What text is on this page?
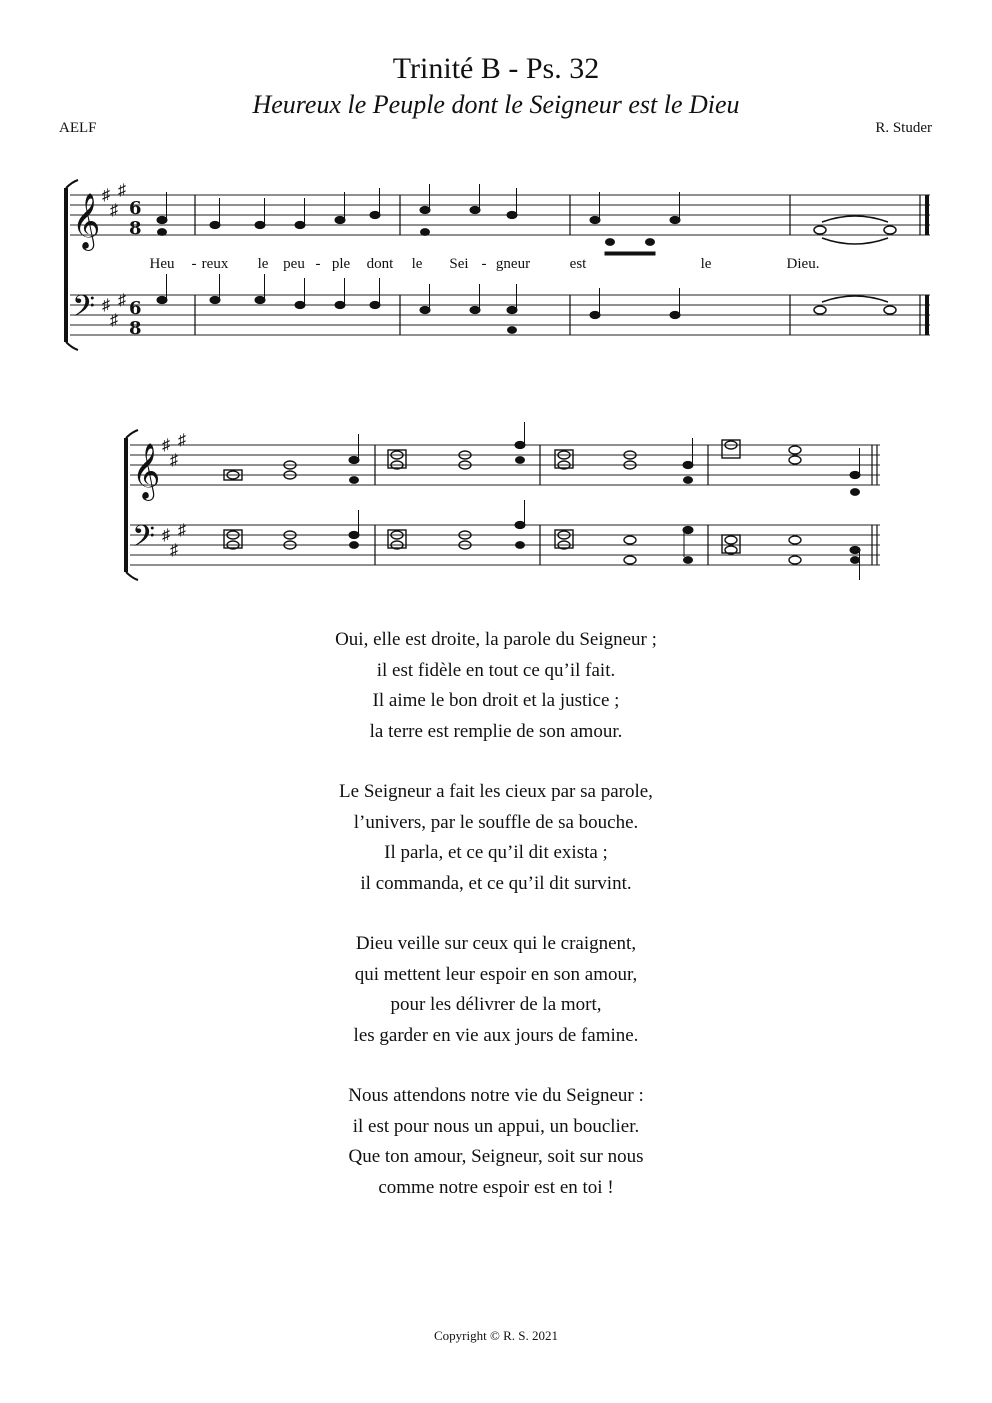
Trinité B - Ps. 32
Heureux le Peuple dont le Seigneur est le Dieu
AELF	R. Studer
𝄞
𝄢
♯
♯
♯
♯
♯
♯
6
8
6
8
Heu - reux le peu - ple dont le Sei - gneur	est	le	Dieu.
𝄞
𝄢
♯
♯
♯
♯
♯
♯
Oui, elle est droite, la parole du Seigneur ;
il est fidèle en tout ce qu’il fait.
Il aime le bon droit et la justice ;
la terre est remplie de son amour.
Le Seigneur a fait les cieux par sa parole,
l’univers, par le souffle de sa bouche.
Il parla, et ce qu’il dit exista ;
il commanda, et ce qu’il dit survint.
Dieu veille sur ceux qui le craignent,
qui mettent leur espoir en son amour,
pour les délivrer de la mort,
les garder en vie aux jours de famine.
Nous attendons notre vie du Seigneur :
il est pour nous un appui, un bouclier.
Que ton amour, Seigneur, soit sur nous
comme notre espoir est en toi !
Copyright © R. S. 2021
